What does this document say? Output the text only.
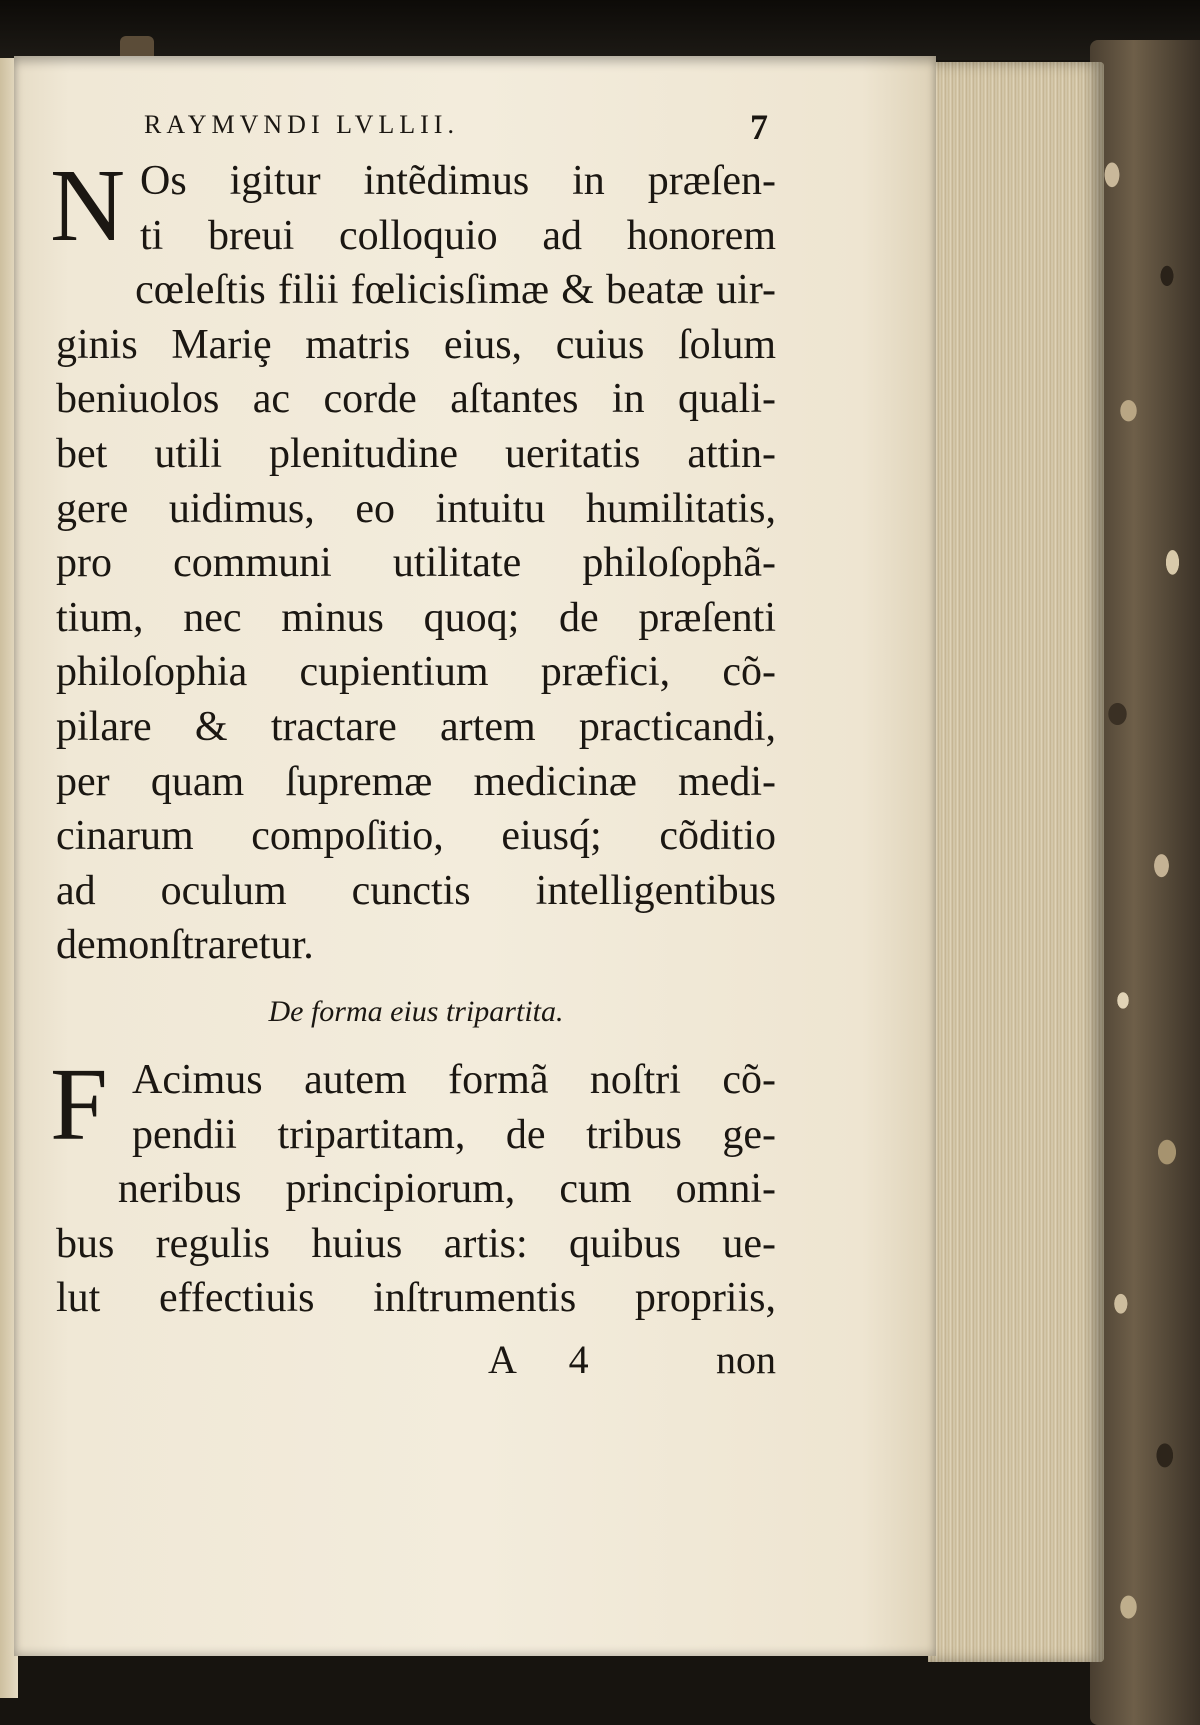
RAYMVNDI LVLLII.	7
N Os igitur intẽdimus in præſen-
ti breui colloquio ad honorem
cœleſtis filii fœlicisſimæ & beatæ uir-
ginis Mariȩ matris eius, cuius ſolum
beniuolos ac corde aſtantes in quali-
bet utili plenitudine ueritatis attin-
gere uidimus, eo intuitu humilitatis,
pro communi utilitate philoſophã-
tium, nec minus quoq; de præſenti
philoſophia cupientium præfici, cõ-
pilare & tractare artem practicandi,
per quam ſupremæ medicinæ medi-
cinarum compoſitio, eiusq́; cõditio
ad oculum cunctis intelligentibus
demonſtraretur.
De forma eius tripartita.
F Acimus autem formã noſtri cõ-
pendii tripartitam, de tribus ge-
neribus principiorum, cum omni-
bus regulis huius artis: quibus ue-
lut effectiuis inſtrumentis propriis,
A 4	non
